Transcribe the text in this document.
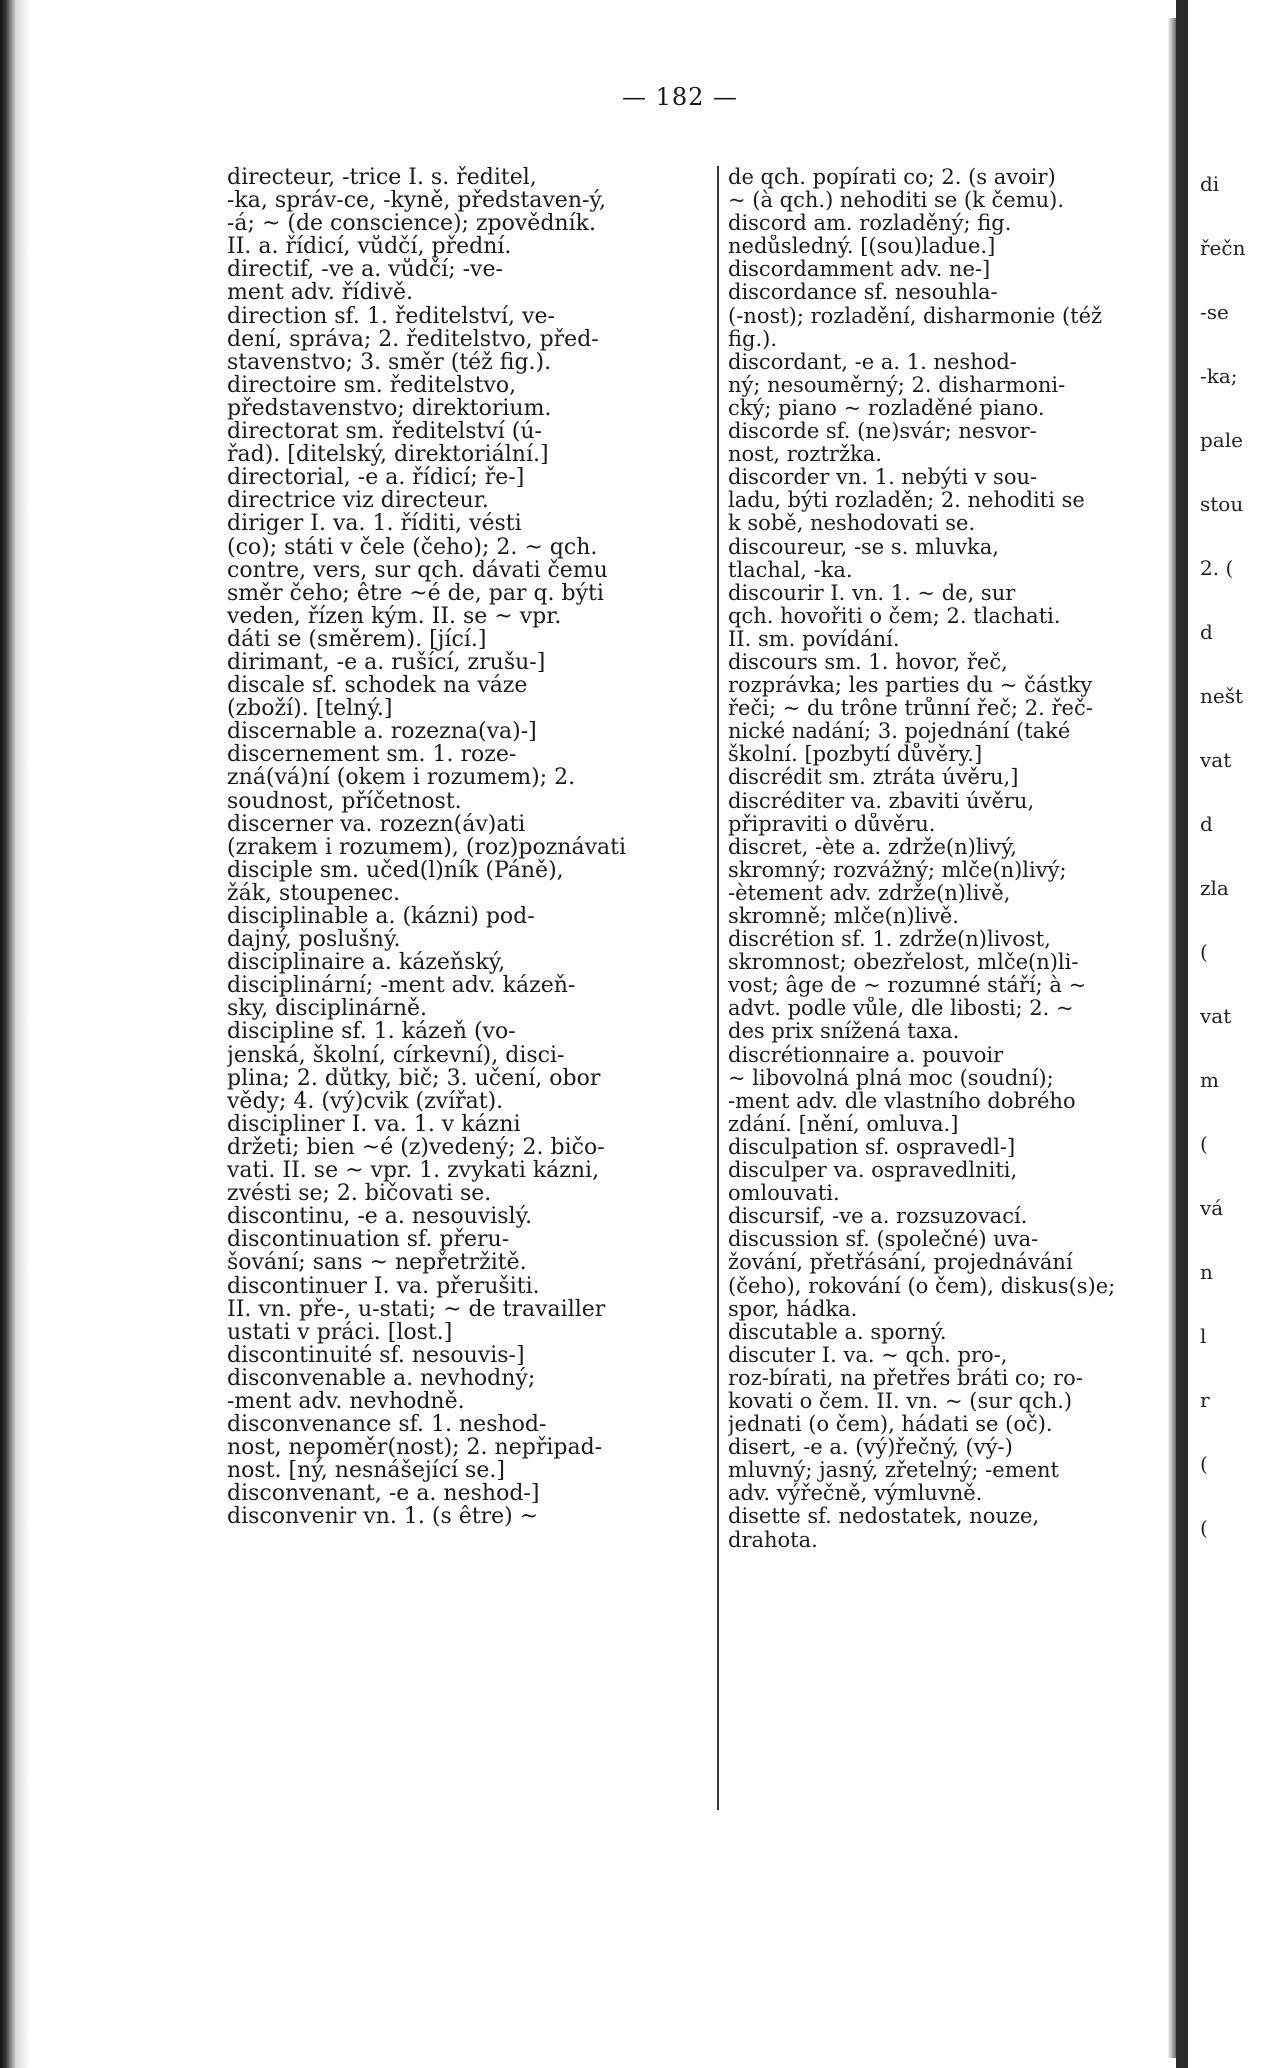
— 182 —
directeur, -trice I. s. ředitel,
-ka, správ-ce, -kyně, představen-ý,
-á; ~ (de conscience); zpovědník.
II. a. řídicí, vůdčí, přední.
directif, -ve a. vůdčí; -ve-
ment adv. řídivě.
direction sf. 1. ředitelství, ve-
dení, správa; 2. ředitelstvo, před-
stavenstvo; 3. směr (též fig.).
directoire sm. ředitelstvo,
představenstvo; direktorium.
directorat sm. ředitelství (ú-
řad). [ditelský, direktoriální.]
directorial, -e a. řídicí; ře-]
directrice viz directeur.
diriger I. va. 1. říditi, vésti
(co); státi v čele (čeho); 2. ~ qch.
contre, vers, sur qch. dávati čemu
směr čeho; être ~é de, par q. býti
veden, řízen kým. II. se ~ vpr.
dáti se (směrem). [jící.]
dirimant, -e a. rušící, zrušu-]
discale sf. schodek na váze
(zboží). [telný.]
discernable a. rozezna(va)-]
discernement sm. 1. roze-
zná(vá)ní (okem i rozumem); 2.
soudnost, příčetnost.
discerner va. rozezn(áv)ati
(zrakem i rozumem), (roz)poznávati
disciple sm. učed(l)ník (Páně),
žák, stoupenec.
disciplinable a. (kázni) pod-
dajný, poslušný.
disciplinaire a. kázeňský,
disciplinární; -ment adv. kázeň-
sky, disciplinárně.
discipline sf. 1. kázeň (vo-
jenská, školní, církevní), disci-
plina; 2. důtky, bič; 3. učení, obor
vědy; 4. (vý)cvik (zvířat).
discipliner I. va. 1. v kázni
držeti; bien ~é (z)vedený; 2. bičo-
vati. II. se ~ vpr. 1. zvykati kázni,
zvésti se; 2. bičovati se.
discontinu, -e a. nesouvislý.
discontinuation sf. přeru-
šování; sans ~ nepřetržitě.
discontinuer I. va. přerušiti.
II. vn. pře-, u-stati; ~ de travailler
ustati v práci. [lost.]
discontinuité sf. nesouvis-]
disconvenable a. nevhodný;
-ment adv. nevhodně.
disconvenance sf. 1. neshod-
nost, nepoměr(nost); 2. nepřipad-
nost. [ný, nesnášející se.]
disconvenant, -e a. neshod-]
disconvenir vn. 1. (s être) ~
de qch. popírati co; 2. (s avoir)
~ (à qch.) nehoditi se (k čemu).
discord am. rozladěný; fig.
nedůsledný. [(sou)ladue.]
discordamment adv. ne-]
discordance sf. nesouhla-
(-nost); rozladění, disharmonie (též
fig.).
discordant, -e a. 1. neshod-
ný; nesouměrný; 2. disharmoni-
cký; piano ~ rozladěné piano.
discorde sf. (ne)svár; nesvor-
nost, roztržka.
discorder vn. 1. nebýti v sou-
ladu, býti rozladěn; 2. nehoditi se
k sobě, neshodovati se.
discoureur, -se s. mluvka,
tlachal, -ka.
discourir I. vn. 1. ~ de, sur
qch. hovořiti o čem; 2. tlachati.
II. sm. povídání.
discours sm. 1. hovor, řeč,
rozprávka; les parties du ~ částky
řeči; ~ du trône trůnní řeč; 2. řeč-
nické nadání; 3. pojednání (také
školní. [pozbytí důvěry.]
discrédit sm. ztráta úvěru,]
discréditer va. zbaviti úvěru,
připraviti o důvěru.
discret, -ète a. zdrže(n)livý,
skromný; rozvážný; mlče(n)livý;
-ètement adv. zdrže(n)livě,
skromně; mlče(n)livě.
discrétion sf. 1. zdrže(n)livost,
skromnost; obezřelost, mlče(n)li-
vost; âge de ~ rozumné stáří; à ~
advt. podle vůle, dle libosti; 2. ~
des prix snížená taxa.
discrétionnaire a. pouvoir
~ libovolná plná moc (soudní);
-ment adv. dle vlastního dobrého
zdání. [nění, omluva.]
disculpation sf. ospravedl-]
disculper va. ospravedlniti,
omlouvati.
discursif, -ve a. rozsuzovací.
discussion sf. (společné) uva-
žování, přetřásání, projednávání
(čeho), rokování (o čem), diskus(s)e;
spor, hádka.
discutable a. sporný.
discuter I. va. ~ qch. pro-,
roz-bírati, na přetřes bráti co; ro-
kovati o čem. II. vn. ~ (sur qch.)
jednati (o čem), hádati se (oč).
disert, -e a. (vý)řečný, (vý-)
mluvný; jasný, zřetelný; -ement
adv. výřečně, výmluvně.
disette sf. nedostatek, nouze,
drahota.
di
řečn
-se
-ka;
pale
stou
2. (
d
nešt
vat
d
zla
(
vat
m
(
vá
n
l
r
(
(
